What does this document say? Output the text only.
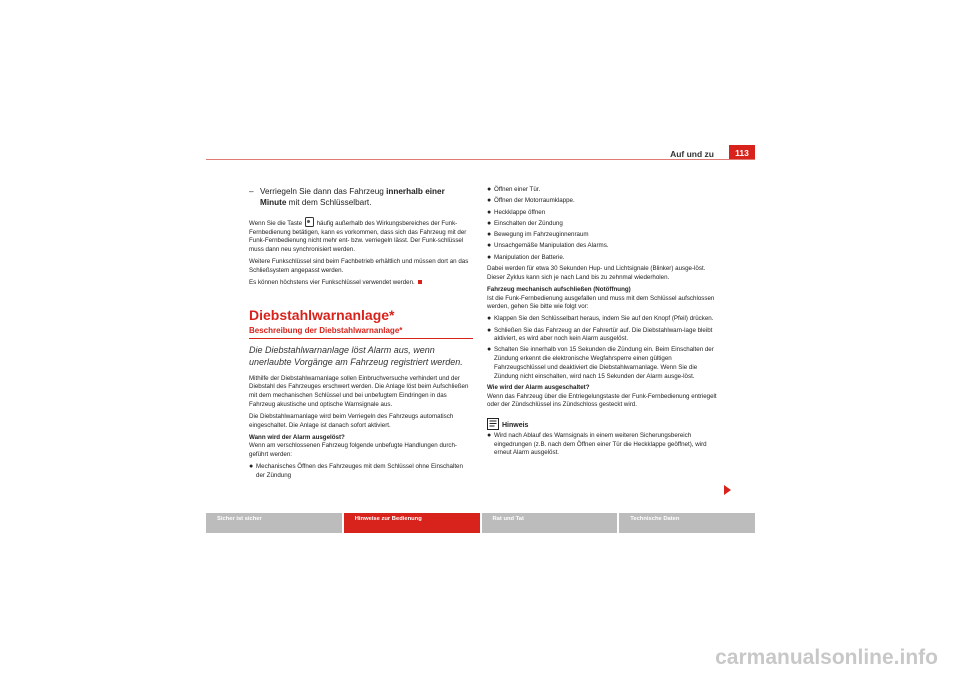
Auf und zu	113
– Verriegeln Sie dann das Fahrzeug innerhalb einer Minute mit dem Schlüsselbart.

Wenn Sie die Taste häufig außerhalb des Wirkungsbereiches der Funk-Fernbedienung betätigen, kann es vorkommen, dass sich das Fahrzeug mit der Funk-Fernbedienung nicht mehr ent- bzw. verriegeln lässt. Der Funk-schlüssel muss dann neu synchronisiert werden.

Weitere Funkschlüssel sind beim Fachbetrieb erhältlich und müssen dort an das Schließsystem angepasst werden.

Es können höchstens vier Funkschlüssel verwendet werden.

Diebstahlwarnanlage*
Beschreibung der Diebstahlwarnanlage*
Die Diebstahlwarnanlage löst Alarm aus, wenn unerlaubte Vorgänge am Fahrzeug registriert werden.

Mithilfe der Diebstahlwarnanlage sollen Einbruchversuche verhindert und der Diebstahl des Fahrzeuges erschwert werden. Die Anlage löst beim Aufschließen mit dem mechanischen Schlüssel und bei unbefugtem Eindringen in das Fahrzeug akustische und optische Warnsignale aus.

Die Diebstahlwarnanlage wird beim Verriegeln des Fahrzeugs automatisch eingeschaltet. Die Anlage ist danach sofort aktiviert.

Wann wird der Alarm ausgelöst?

Wenn am verschlossenen Fahrzeug folgende unbefugte Handlungen durch-geführt werden:

● Mechanisches Öffnen des Fahrzeuges mit dem Schlüssel ohne Einschalten der Zündung
● Öffnen einer Tür.
● Öffnen der Motorraumklappe.
● Heckklappe öffnen
● Einschalten der Zündung
● Bewegung im Fahrzeuginnenraum
● Unsachgemäße Manipulation des Alarms.
● Manipulation der Batterie.

Dabei werden für etwa 30 Sekunden Hup- und Lichtsignale (Blinker) ausge-löst. Dieser Zyklus kann sich je nach Land bis zu zehnmal wiederholen.

Fahrzeug mechanisch aufschließen (Notöffnung)

Ist die Funk-Fernbedienung ausgefallen und muss mit dem Schlüssel aufschlossen werden, gehen Sie bitte wie folgt vor:

● Klappen Sie den Schlüsselbart heraus, indem Sie auf den Knopf (Pfeil) drücken.
● Schließen Sie das Fahrzeug an der Fahrertür auf. Die Diebstahlwarn-lage bleibt aktiviert, es wird aber noch kein Alarm ausgelöst.
● Schalten Sie innerhalb von 15 Sekunden die Zündung ein. Beim Einschalten der Zündung erkennt die elektronische Wegfahrsperre einen gültigen Fahrzeugschlüssel und deaktiviert die Diebstahlwarnanlage. Wenn Sie die Zündung nicht einschalten, wird nach 15 Sekunden der Alarm ausge-löst.

Wie wird der Alarm ausgeschaltet?

Wenn das Fahrzeug über die Entriegelungstaste der Funk-Fernbedienung entriegelt oder der Zündschlüssel ins Zündschloss gesteckt wird.

Hinweis
● Wird nach Ablauf des Warnsignals in einem weiteren Sicherungsbereich eingedrungen (z.B. nach dem Öffnen einer Tür die Heckklappe geöffnet), wird erneut Alarm ausgelöst.
Sicher ist sicher	Hinweise zur Bedienung	Rat und Tat	Technische Daten
carmanualsonline.info
